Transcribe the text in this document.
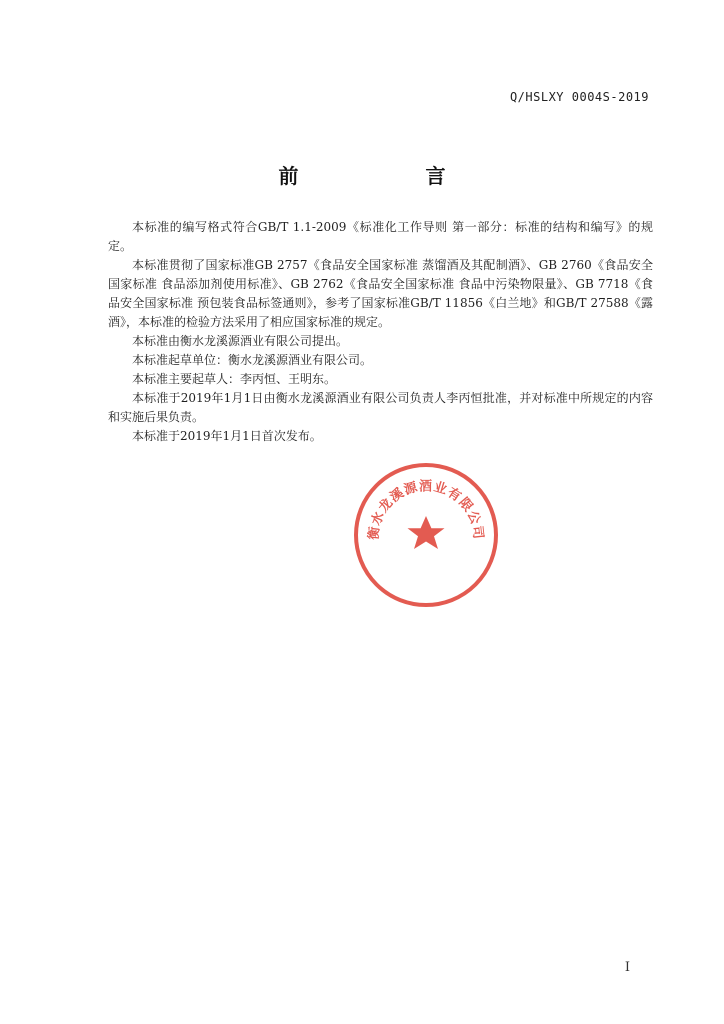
Q/HSLXY 0004S-2019
前 言

本标准的编写格式符合GB/T 1.1-2009《标准化工作导则 第一部分：标准的结构和编写》的规定。

本标准贯彻了国家标准GB 2757《食品安全国家标准 蒸馏酒及其配制酒》、GB 2760《食品安全国家标准 食品添加剂使用标准》、GB 2762《食品安全国家标准 食品中污染物限量》、GB 7718《食品安全国家标准 预包装食品标签通则》，参考了国家标准GB/T 11856《白兰地》和GB/T 27588《露酒》，本标准的检验方法采用了相应国家标准的规定。

本标准由衡水龙溪源酒业有限公司提出。

本标准起草单位：衡水龙溪源酒业有限公司。

本标准主要起草人：李丙恒、王明东。

本标准于2019年1月1日由衡水龙溪源酒业有限公司负责人李丙恒批准，并对标准中所规定的内容和实施后果负责。

本标准于2019年1月1日首次发布。

衡水龙溪源酒业有限公司
I
